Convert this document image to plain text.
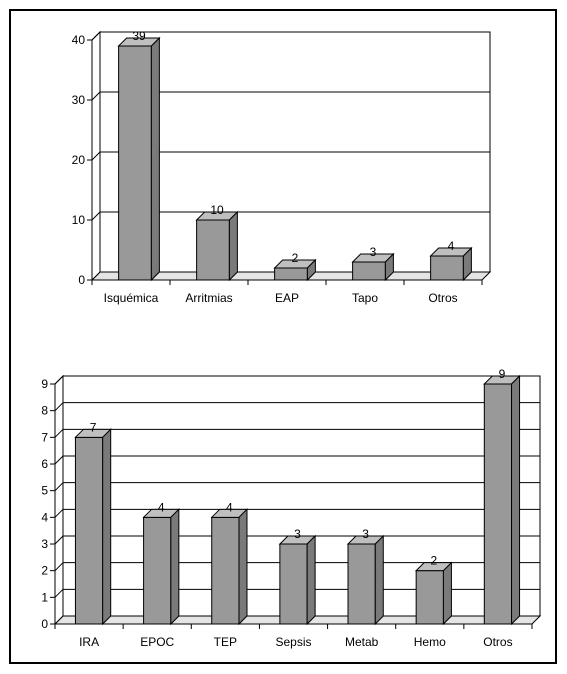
0
10
20
30
40	39
Isquémica
10
Arritmias
2
EAP
3
Tapo
4
Otros
0
1
2
3
4
5
6
7
8
9
7
IRA
4
EPOC
4
TEP
3
Sepsis
3
Metab
2
Hemo
9
Otros
